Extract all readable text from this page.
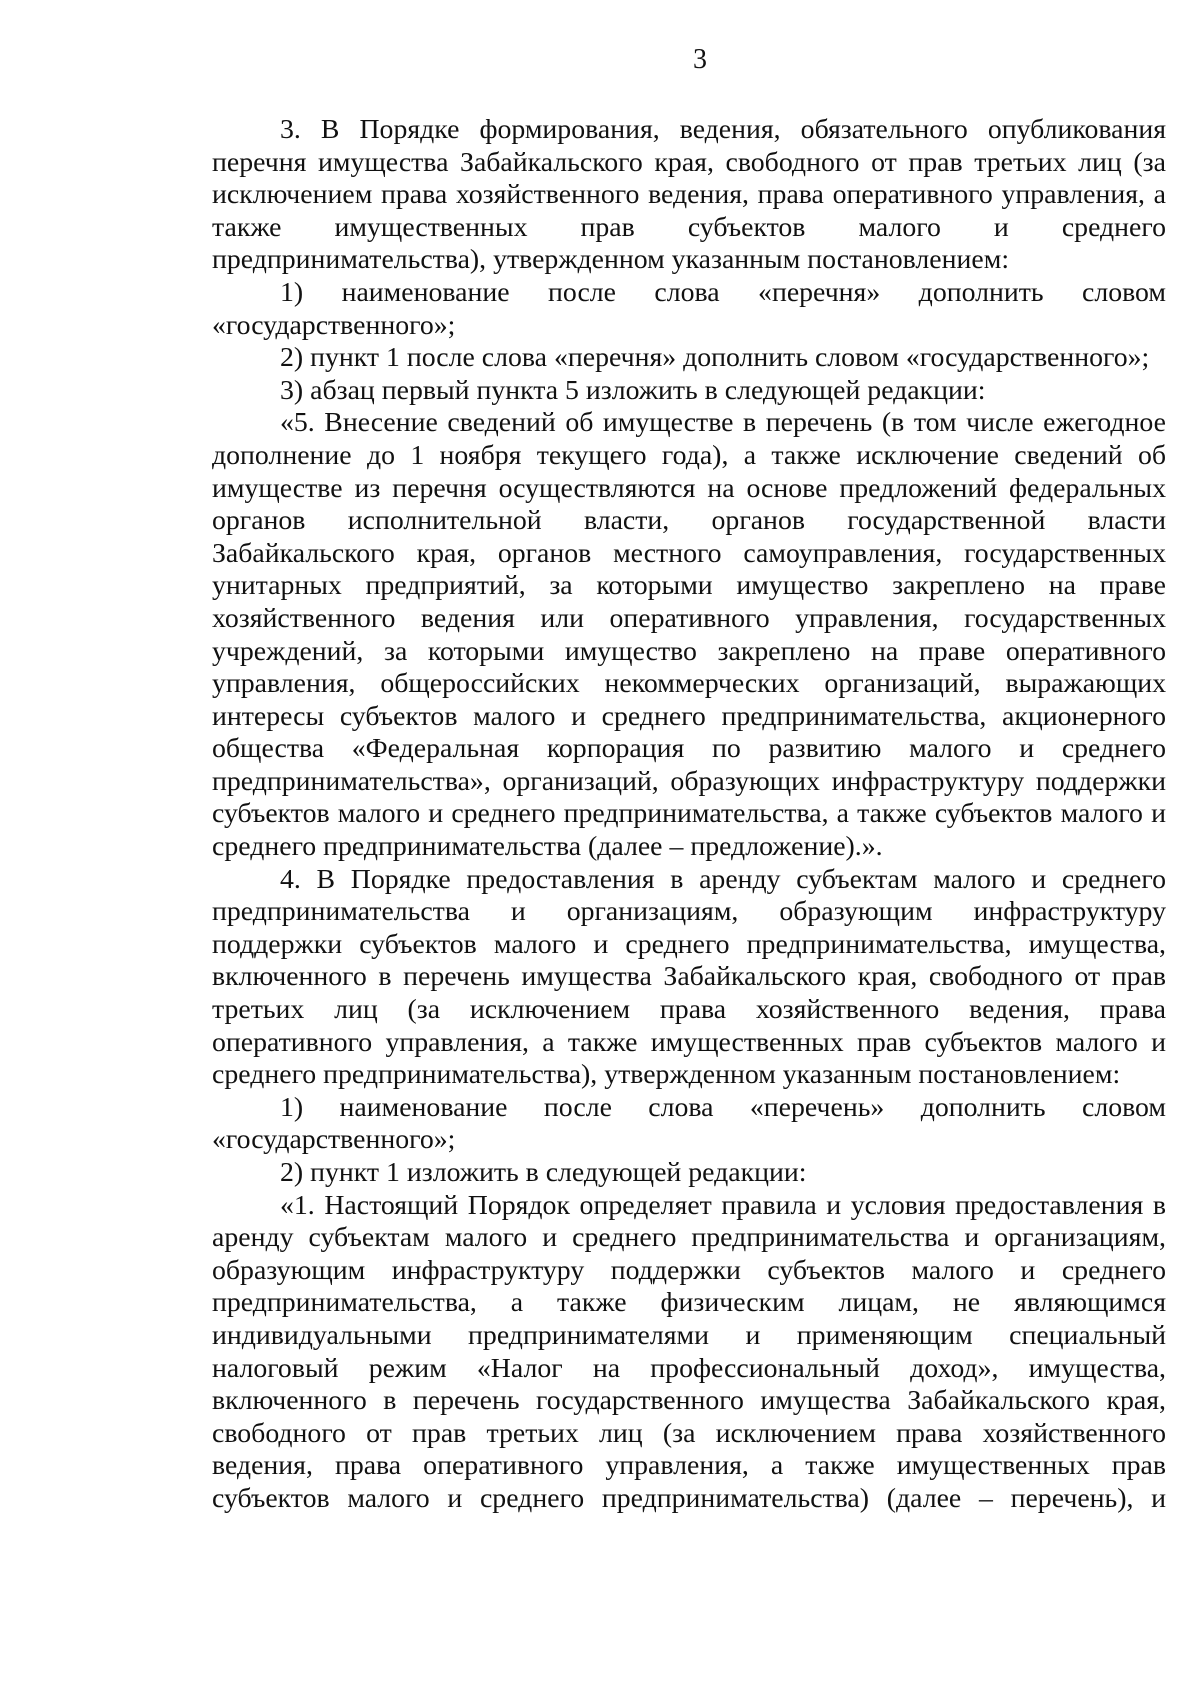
3

3. В Порядке формирования, ведения, обязательного опубликования перечня имущества Забайкальского края, свободного от прав третьих лиц (за исключением права хозяйственного ведения, права оперативного управления, а также имущественных прав субъектов малого и среднего предпринимательства), утвержденном указанным постановлением:

1) наименование после слова «перечня» дополнить словом «государственного»;

2) пункт 1 после слова «перечня» дополнить словом «государственного»;

3) абзац первый пункта 5 изложить в следующей редакции:

«5. Внесение сведений об имуществе в перечень (в том числе ежегодное дополнение до 1 ноября текущего года), а также исключение сведений об имуществе из перечня осуществляются на основе предложений федеральных органов исполнительной власти, органов государственной власти Забайкальского края, органов местного самоуправления, государственных унитарных предприятий, за которыми имущество закреплено на праве хозяйственного ведения или оперативного управления, государственных учреждений, за которыми имущество закреплено на праве оперативного управления, общероссийских некоммерческих организаций, выражающих интересы субъектов малого и среднего предпринимательства, акционерного общества «Федеральная корпорация по развитию малого и среднего предпринимательства», организаций, образующих инфраструктуру поддержки субъектов малого и среднего предпринимательства, а также субъектов малого и среднего предпринимательства (далее – предложение).».

4. В Порядке предоставления в аренду субъектам малого и среднего предпринимательства и организациям, образующим инфраструктуру поддержки субъектов малого и среднего предпринимательства, имущества, включенного в перечень имущества Забайкальского края, свободного от прав третьих лиц (за исключением права хозяйственного ведения, права оперативного управления, а также имущественных прав субъектов малого и среднего предпринимательства), утвержденном указанным постановлением:

1) наименование после слова «перечень» дополнить словом «государственного»;

2) пункт 1 изложить в следующей редакции:

«1. Настоящий Порядок определяет правила и условия предоставления в аренду субъектам малого и среднего предпринимательства и организациям, образующим инфраструктуру поддержки субъектов малого и среднего предпринимательства, а также физическим лицам, не являющимся индивидуальными предпринимателями и применяющим специальный налоговый режим «Налог на профессиональный доход», имущества, включенного в перечень государственного имущества Забайкальского края, свободного от прав третьих лиц (за исключением права хозяйственного ведения, права оперативного управления, а также имущественных прав субъектов малого и среднего предпринимательства) (далее – перечень), и
